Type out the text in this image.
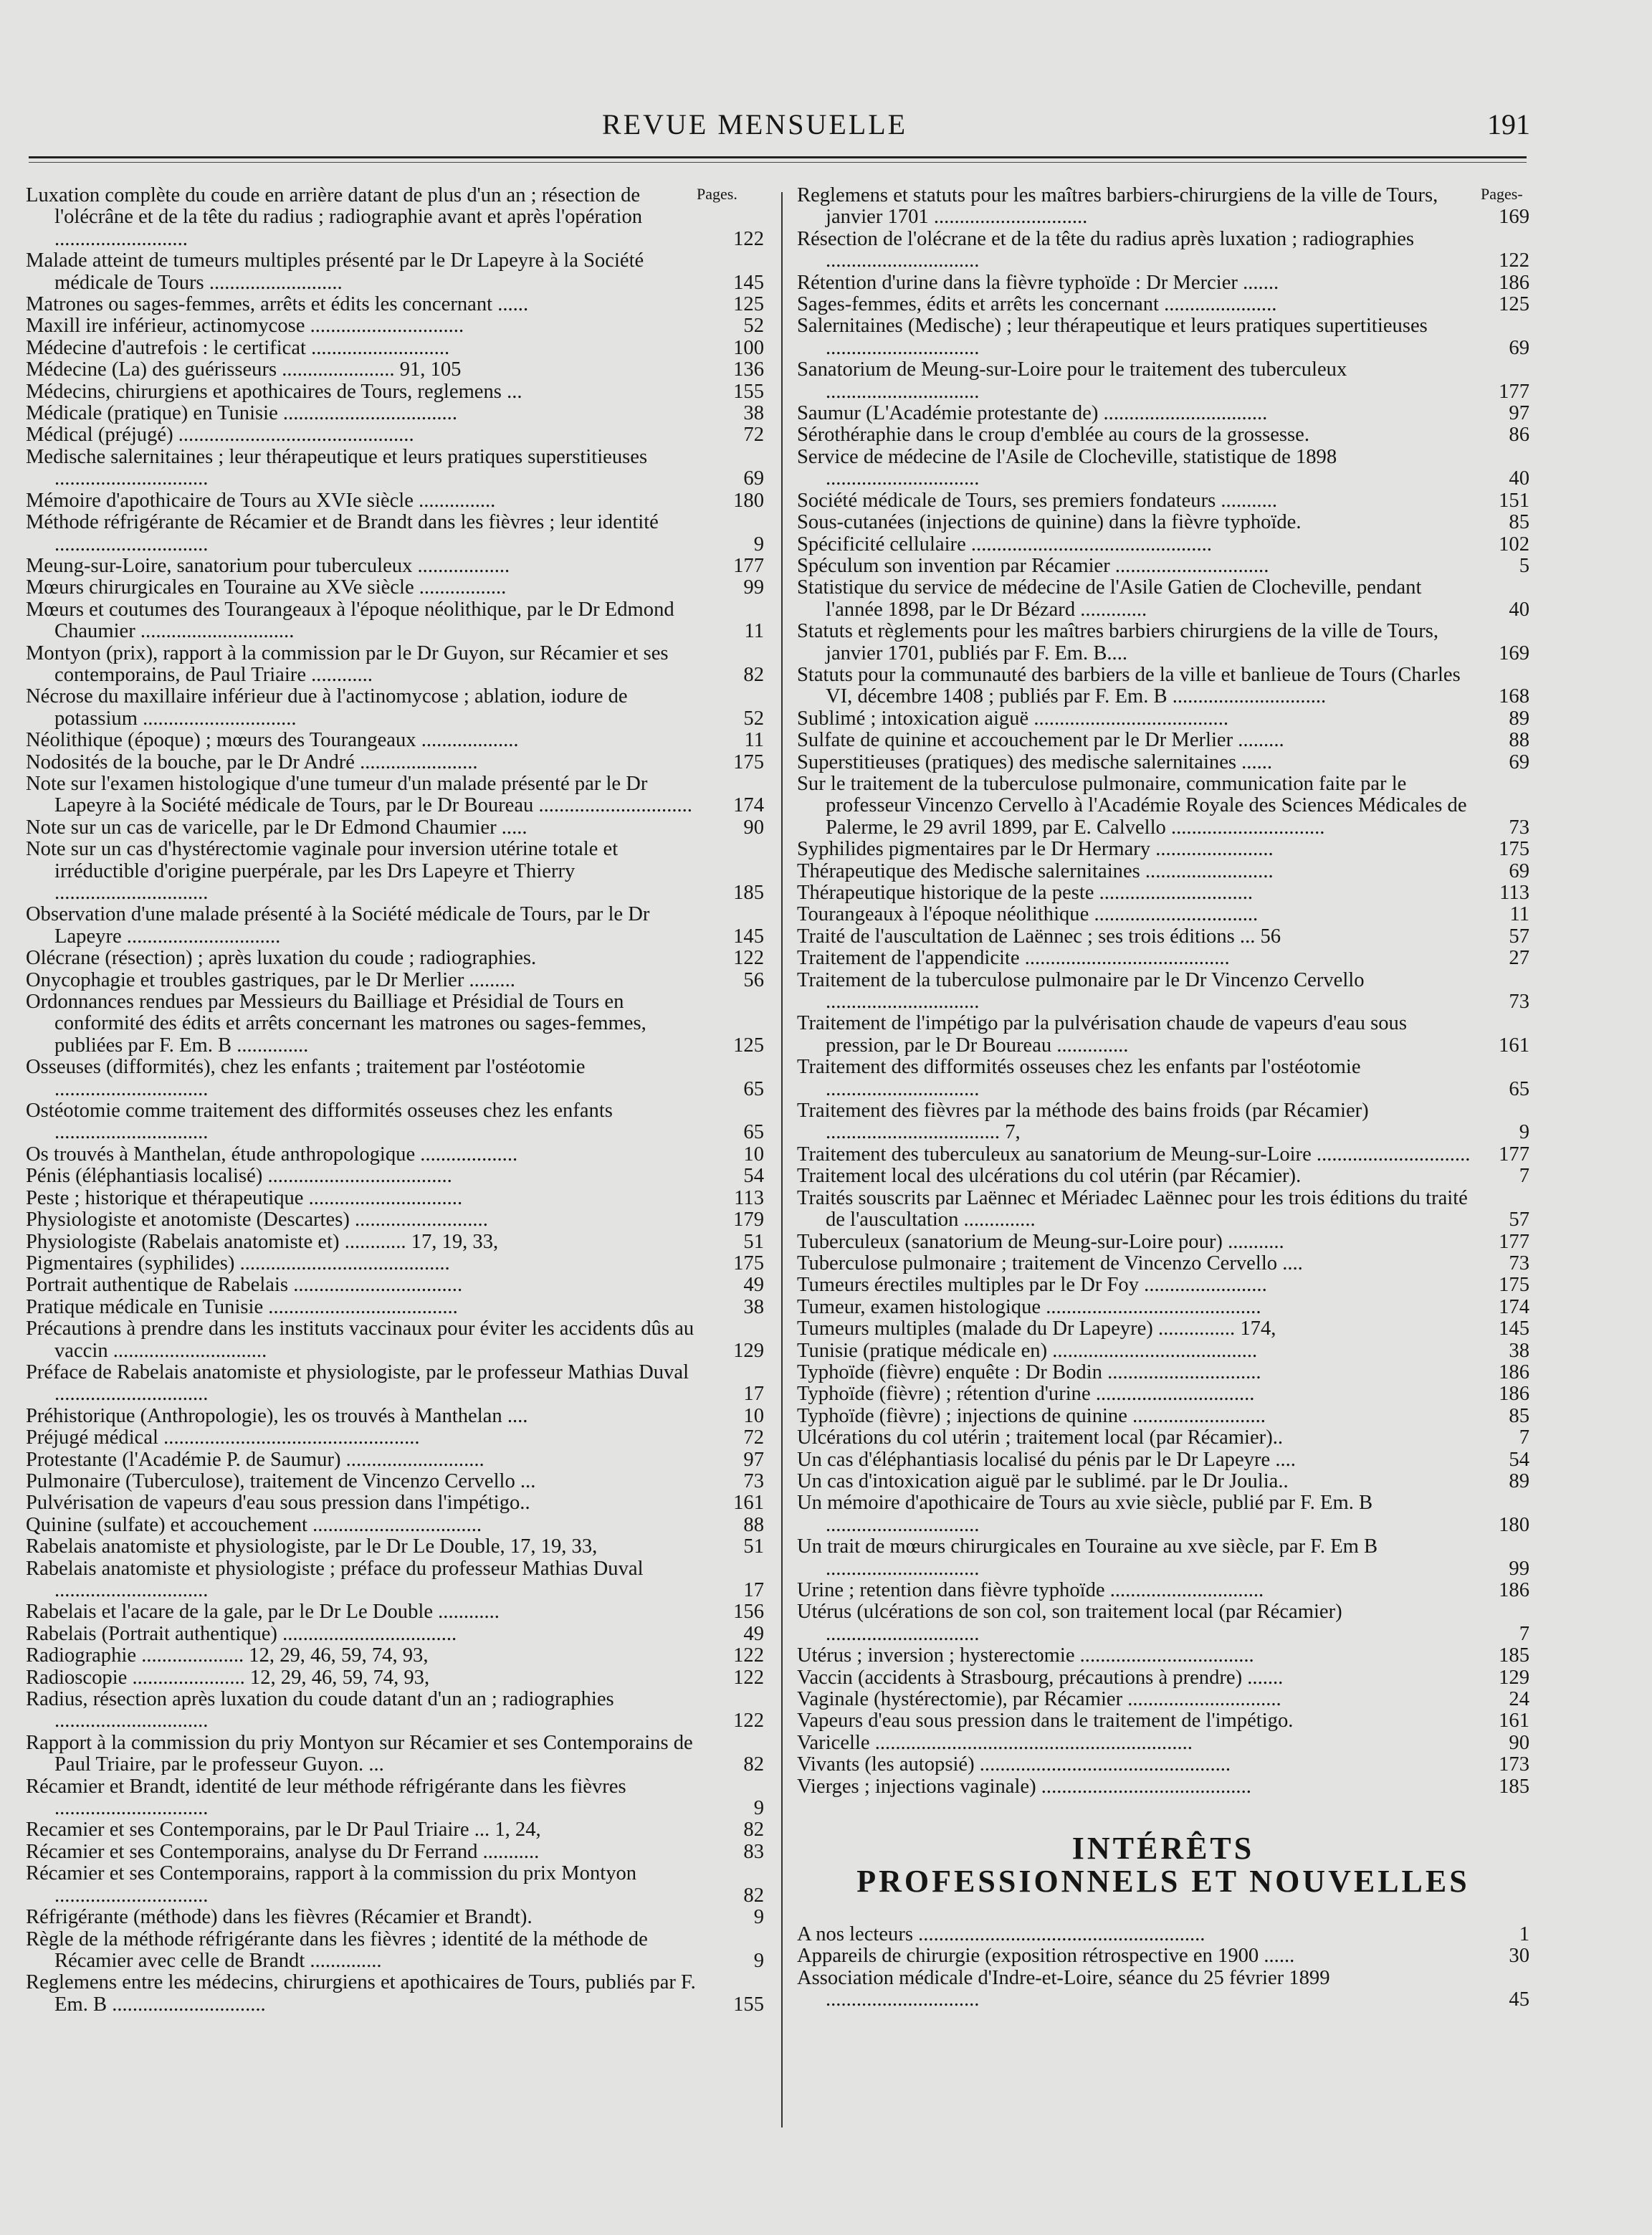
REVUE MENSUELLE	191
Pages.	Pages-

Luxation complète du coude en arrière datant de plus d'un an ; résection de l'olécrâne et de la tête du radius ; radiographie avant et après l'opération ..........................	122

Malade atteint de tumeurs multiples présenté par le Dr Lapeyre à la Société médicale de Tours ..........................	145

Matrones ou sages-femmes, arrêts et édits les concernant ......	125

Maxill ire inférieur, actinomycose ..............................	52

Médecine d'autrefois : le certificat ...........................	100

Médecine (La) des guérisseurs ...................... 91, 105	136

Médecins, chirurgiens et apothicaires de Tours, reglemens ...	155

Médicale (pratique) en Tunisie ..................................	38

Médical (préjugé) ..............................................	72

Medische salernitaines ; leur thérapeutique et leurs pratiques superstitieuses ..............................	69

Mémoire d'apothicaire de Tours au XVIe siècle ...............	180

Méthode réfrigérante de Récamier et de Brandt dans les fièvres ; leur identité ..............................	9

Meung-sur-Loire, sanatorium pour tuberculeux ..................	177

Mœurs chirurgicales en Touraine au XVe siècle .................	99

Mœurs et coutumes des Tourangeaux à l'époque néolithique, par le Dr Edmond Chaumier ..............................	11

Montyon (prix), rapport à la commission par le Dr Guyon, sur Récamier et ses contemporains, de Paul Triaire ............	82

Nécrose du maxillaire inférieur due à l'actinomycose ; ablation, iodure de potassium ..............................	52

Néolithique (époque) ; mœurs des Tourangeaux ...................	11

Nodosités de la bouche, par le Dr André .......................	175

Note sur l'examen histologique d'une tumeur d'un malade présenté par le Dr Lapeyre à la Société médicale de Tours, par le Dr Boureau ..............................	174

Note sur un cas de varicelle, par le Dr Edmond Chaumier .....	90

Note sur un cas d'hystérectomie vaginale pour inversion utérine totale et irréductible d'origine puerpérale, par les Drs Lapeyre et Thierry ..............................	185

Observation d'une malade présenté à la Société médicale de Tours, par le Dr Lapeyre ..............................	145

Olécrane (résection) ; après luxation du coude ; radiographies.	122

Onycophagie et troubles gastriques, par le Dr Merlier .........	56

Ordonnances rendues par Messieurs du Bailliage et Présidial de Tours en conformité des édits et arrêts concernant les matrones ou sages-femmes, publiées par F. Em. B ..............	125

Osseuses (difformités), chez les enfants ; traitement par l'ostéotomie ..............................	65

Ostéotomie comme traitement des difformités osseuses chez les enfants ..............................	65

Os trouvés à Manthelan, étude anthropologique ...................	10

Pénis (éléphantiasis localisé) ....................................	54

Peste ; historique et thérapeutique ..............................	113

Physiologiste et anotomiste (Descartes) ..........................	179

Physiologiste (Rabelais anatomiste et) ............ 17, 19, 33,	51

Pigmentaires (syphilides) .........................................	175

Portrait authentique de Rabelais .................................	49

Pratique médicale en Tunisie .....................................	38

Précautions à prendre dans les instituts vaccinaux pour éviter les accidents dûs au vaccin ..............................	129

Préface de Rabelais anatomiste et physiologiste, par le professeur Mathias Duval ..............................	17

Préhistorique (Anthropologie), les os trouvés à Manthelan ....	10

Préjugé médical ..................................................	72

Protestante (l'Académie P. de Saumur) ...........................	97

Pulmonaire (Tuberculose), traitement de Vincenzo Cervello ...	73

Pulvérisation de vapeurs d'eau sous pression dans l'impétigo..	161

Quinine (sulfate) et accouchement .................................	88

Rabelais anatomiste et physiologiste, par le Dr Le Double, 17, 19, 33,	51

Rabelais anatomiste et physiologiste ; préface du professeur Mathias Duval ..............................	17

Rabelais et l'acare de la gale, par le Dr Le Double ............	156

Rabelais (Portrait authentique) ..................................	49

Radiographie .................... 12, 29, 46, 59, 74, 93,	122

Radioscopie ...................... 12, 29, 46, 59, 74, 93,	122

Radius, résection après luxation du coude datant d'un an ; radiographies ..............................	122

Rapport à la commission du priy Montyon sur Récamier et ses Contemporains de Paul Triaire, par le professeur Guyon. ...	82

Récamier et Brandt, identité de leur méthode réfrigérante dans les fièvres ..............................	9

Recamier et ses Contemporains, par le Dr Paul Triaire ... 1, 24,	82

Récamier et ses Contemporains, analyse du Dr Ferrand ...........	83

Récamier et ses Contemporains, rapport à la commission du prix Montyon ..............................	82

Réfrigérante (méthode) dans les fièvres (Récamier et Brandt).	9

Règle de la méthode réfrigérante dans les fièvres ; identité de la méthode de Récamier avec celle de Brandt ..............	9

Reglemens entre les médecins, chirurgiens et apothicaires de Tours, publiés par F. Em. B ..............................	155

Reglemens et statuts pour les maîtres barbiers-chirurgiens de la ville de Tours, janvier 1701 ..............................	169

Résection de l'olécrane et de la tête du radius après luxation ; radiographies ..............................	122

Rétention d'urine dans la fièvre typhoïde : Dr Mercier .......	186

Sages-femmes, édits et arrêts les concernant ......................	125

Salernitaines (Medische) ; leur thérapeutique et leurs pratiques supertitieuses ..............................	69

Sanatorium de Meung-sur-Loire pour le traitement des tuberculeux ..............................	177

Saumur (L'Académie protestante de) ................................	97

Sérothéraphie dans le croup d'emblée au cours de la grossesse.	86

Service de médecine de l'Asile de Clocheville, statistique de 1898 ..............................	40

Société médicale de Tours, ses premiers fondateurs ...........	151

Sous-cutanées (injections de quinine) dans la fièvre typhoïde.	85

Spécificité cellulaire ...............................................	102

Spéculum son invention par Récamier ..............................	5

Statistique du service de médecine de l'Asile Gatien de Clocheville, pendant l'année 1898, par le Dr Bézard .............	40

Statuts et règlements pour les maîtres barbiers chirurgiens de la ville de Tours, janvier 1701, publiés par F. Em. B....	169

Statuts pour la communauté des barbiers de la ville et banlieue de Tours (Charles VI, décembre 1408 ; publiés par F. Em. B ..............................	168

Sublimé ; intoxication aiguë ......................................	89

Sulfate de quinine et accouchement par le Dr Merlier .........	88

Superstitieuses (pratiques) des medische salernitaines ......	69

Sur le traitement de la tuberculose pulmonaire, communication faite par le professeur Vincenzo Cervello à l'Académie Royale des Sciences Médicales de Palerme, le 29 avril 1899, par E. Calvello ..............................	73

Syphilides pigmentaires par le Dr Hermary .......................	175

Thérapeutique des Medische salernitaines .........................	69

Thérapeutique historique de la peste ..............................	113

Tourangeaux à l'époque néolithique ................................	11

Traité de l'auscultation de Laënnec ; ses trois éditions ... 56	57

Traitement de l'appendicite ........................................	27

Traitement de la tuberculose pulmonaire par le Dr Vincenzo Cervello ..............................	73

Traitement de l'impétigo par la pulvérisation chaude de vapeurs d'eau sous pression, par le Dr Boureau ..............	161

Traitement des difformités osseuses chez les enfants par l'ostéotomie ..............................	65

Traitement des fièvres par la méthode des bains froids (par Récamier) .................................. 7,	9

Traitement des tuberculeux au sanatorium de Meung-sur-Loire ..............................	177

Traitement local des ulcérations du col utérin (par Récamier).	7

Traités souscrits par Laënnec et Mériadec Laënnec pour les trois éditions du traité de l'auscultation ..............	57

Tuberculeux (sanatorium de Meung-sur-Loire pour) ...........	177

Tuberculose pulmonaire ; traitement de Vincenzo Cervello ....	73

Tumeurs érectiles multiples par le Dr Foy ........................	175

Tumeur, examen histologique ..........................................	174

Tumeurs multiples (malade du Dr Lapeyre) ............... 174,	145

Tunisie (pratique médicale en) ........................................	38

Typhoïde (fièvre) enquête : Dr Bodin ..............................	186

Typhoïde (fièvre) ; rétention d'urine ...............................	186

Typhoïde (fièvre) ; injections de quinine ..........................	85

Ulcérations du col utérin ; traitement local (par Récamier)..	7

Un cas d'éléphantiasis localisé du pénis par le Dr Lapeyre ....	54

Un cas d'intoxication aiguë par le sublimé. par le Dr Joulia..	89

Un mémoire d'apothicaire de Tours au xvie siècle, publié par F. Em. B ..............................	180

Un trait de mœurs chirurgicales en Touraine au xve siècle, par F. Em B ..............................	99

Urine ; retention dans fièvre typhoïde ..............................	186

Utérus (ulcérations de son col, son traitement local (par Récamier) ..............................	7

Utérus ; inversion ; hysterectomie ..................................	185

Vaccin (accidents à Strasbourg, précautions à prendre) .......	129

Vaginale (hystérectomie), par Récamier ..............................	24

Vapeurs d'eau sous pression dans le traitement de l'impétigo.	161

Varicelle ..............................................................	90

Vivants (les autopsié) .................................................	173

Vierges ; injections vaginale) .........................................	185

INTÉRÊTS

PROFESSIONNELS ET NOUVELLES

A nos lecteurs ........................................................	1

Appareils de chirurgie (exposition rétrospective en 1900 ......	30

Association médicale d'Indre-et-Loire, séance du 25 février 1899 ..............................	45
